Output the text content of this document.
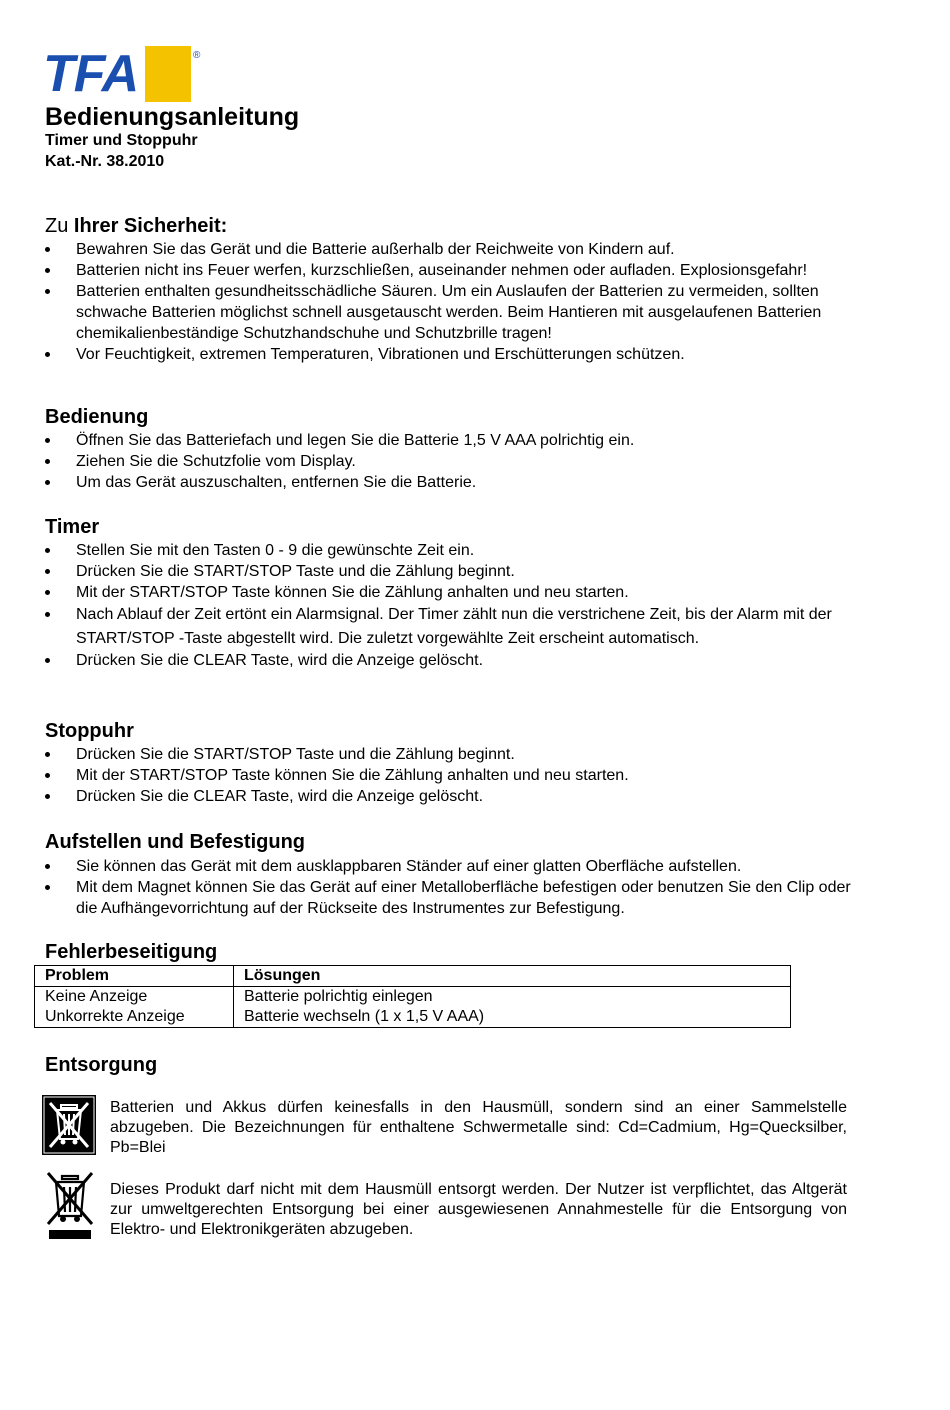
TFA	®
Bedienungsanleitung
Timer und Stoppuhr
Kat.-Nr. 38.2010
Zu Ihrer Sicherheit:
Bewahren Sie das Gerät und die Batterie außerhalb der Reichweite von Kindern auf.
Batterien nicht ins Feuer werfen, kurzschließen, auseinander nehmen oder aufladen. Explosionsgefahr!
Batterien enthalten gesundheitsschädliche Säuren. Um ein Auslaufen der Batterien zu vermeiden, sollten schwache Batterien möglichst schnell ausgetauscht werden. Beim Hantieren mit ausgelaufenen Batterien chemikalienbeständige Schutzhandschuhe und Schutzbrille tragen!
Vor Feuchtigkeit, extremen Temperaturen, Vibrationen und Erschütterungen schützen.
Bedienung
Öffnen Sie das Batteriefach und legen Sie die Batterie 1,5 V AAA polrichtig ein.
Ziehen Sie die Schutzfolie vom Display.
Um das Gerät auszuschalten, entfernen Sie die Batterie.
Timer
Stellen Sie mit den Tasten 0 - 9 die gewünschte Zeit ein.
Drücken Sie die START/STOP Taste und die Zählung beginnt.
Mit der START/STOP Taste können Sie die Zählung anhalten und neu starten.
Nach Ablauf der Zeit ertönt ein Alarmsignal. Der Timer zählt nun die verstrichene Zeit, bis der Alarm mit der START/STOP -Taste abgestellt wird. Die zuletzt vorgewählte Zeit erscheint automatisch.
Drücken Sie die CLEAR Taste, wird die Anzeige gelöscht.
Stoppuhr
Drücken Sie die START/STOP Taste und die Zählung beginnt.
Mit der START/STOP Taste können Sie die Zählung anhalten und neu starten.
Drücken Sie die CLEAR Taste, wird die Anzeige gelöscht.
Aufstellen und Befestigung
Sie können das Gerät mit dem ausklappbaren Ständer auf einer glatten Oberfläche aufstellen.
Mit dem Magnet können Sie das Gerät auf einer Metalloberfläche befestigen oder benutzen Sie den Clip oder die Aufhängevorrichtung auf der Rückseite des Instrumentes zur Befestigung.
Fehlerbeseitigung
Problem	Lösungen
Keine Anzeige	Batterie polrichtig einlegen
Unkorrekte Anzeige	Batterie wechseln (1 x 1,5 V AAA)
Entsorgung

Batterien und Akkus dürfen keinesfalls in den Hausmüll, sondern sind an einer Sammelstelle abzugeben. Die Bezeichnungen für enthaltene Schwermetalle sind: Cd=Cadmium, Hg=Quecksilber, Pb=Blei

Dieses Produkt darf nicht mit dem Hausmüll entsorgt werden. Der Nutzer ist verpflichtet, das Altgerät zur umweltgerechten Entsorgung bei einer ausgewiesenen Annahmestelle für die Entsorgung von Elektro- und Elektronikgeräten abzugeben.
